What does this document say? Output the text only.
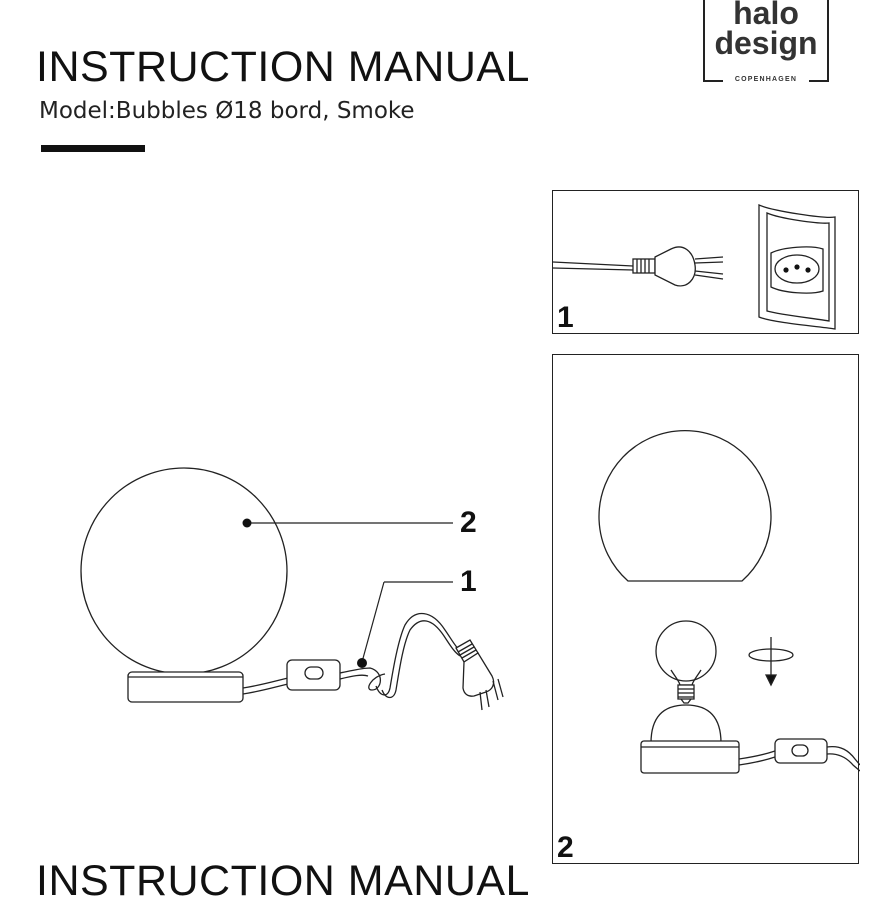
INSTRUCTION MANUAL
Model:Bubbles Ø18 bord, Smoke
halo
design
COPENHAGEN
2
1
1
2
INSTRUCTION MANUAL
